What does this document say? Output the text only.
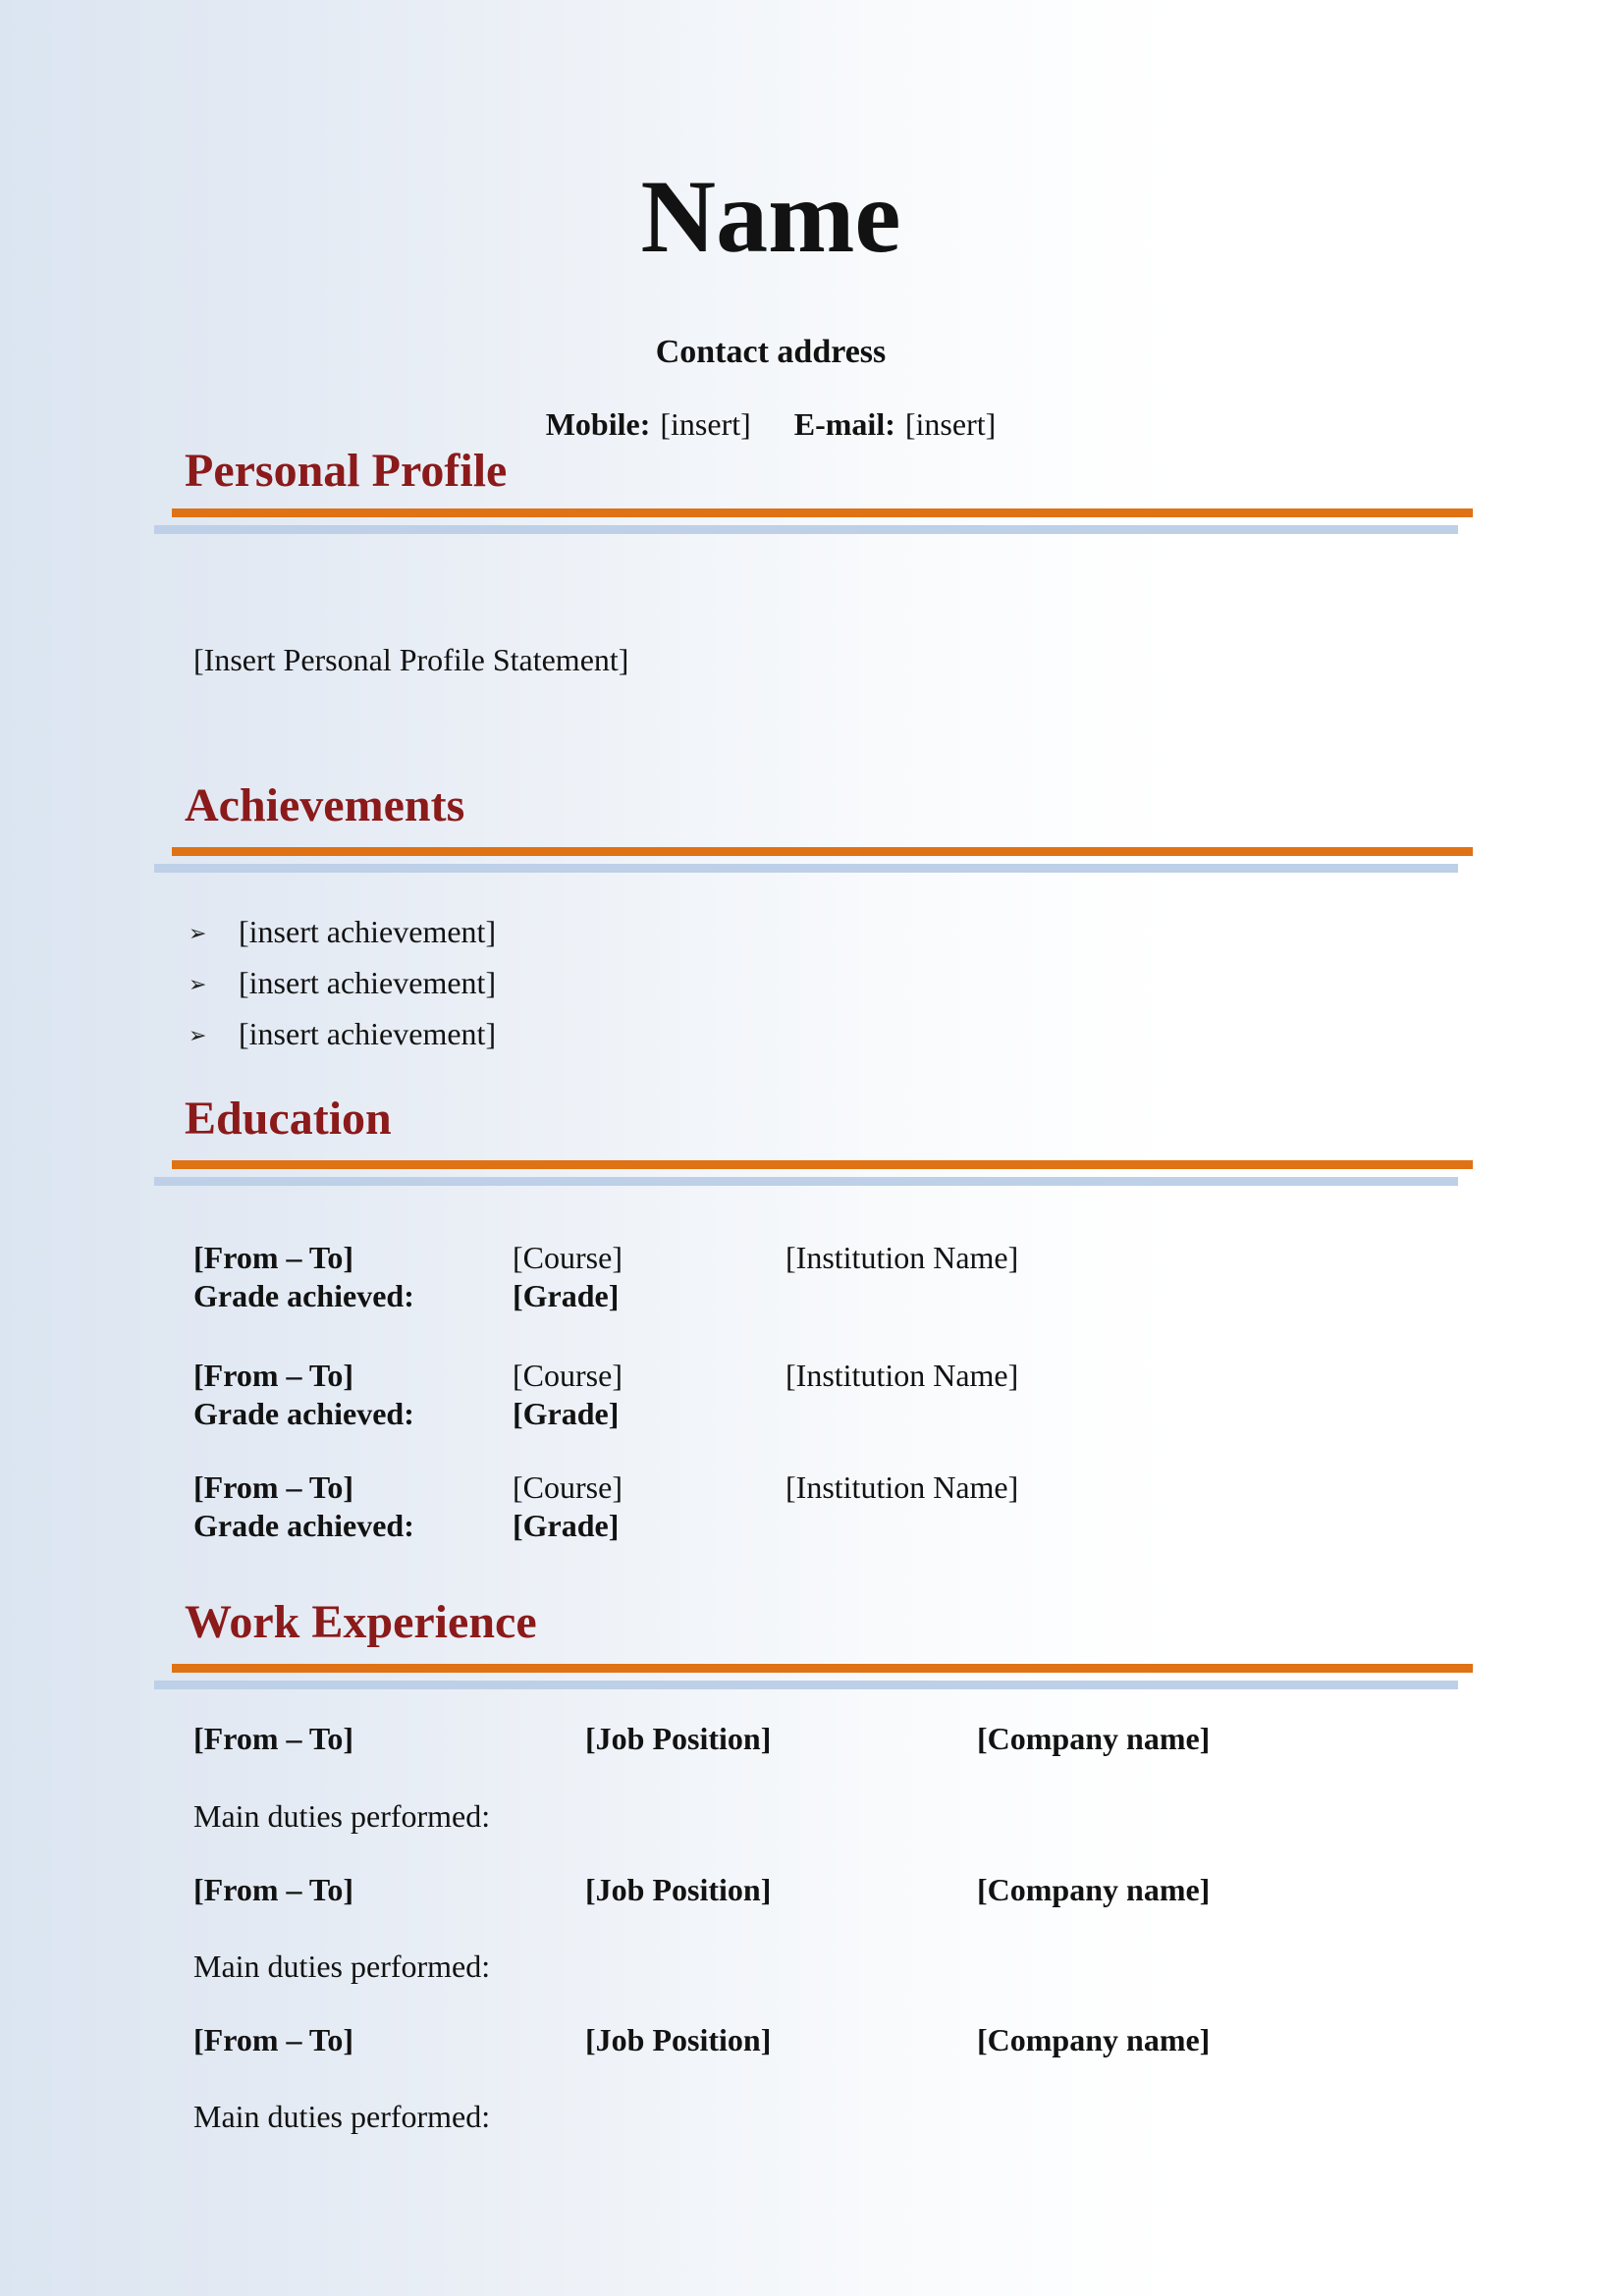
Name
Contact address
Mobile: [insert] E-mail: [insert]
Personal Profile
[Insert Personal Profile Statement]
Achievements
➢ [insert achievement]
➢ [insert achievement]
➢ [insert achievement]
Education
[From – To]	[Course]	[Institution Name]
Grade achieved:	[Grade]
[From – To]	[Course]	[Institution Name]
Grade achieved:	[Grade]
[From – To]	[Course]	[Institution Name]
Grade achieved:	[Grade]
Work Experience
[From – To]	[Job Position]	[Company name]
Main duties performed:
[From – To]	[Job Position]	[Company name]
Main duties performed:
[From – To]	[Job Position]	[Company name]
Main duties performed:
